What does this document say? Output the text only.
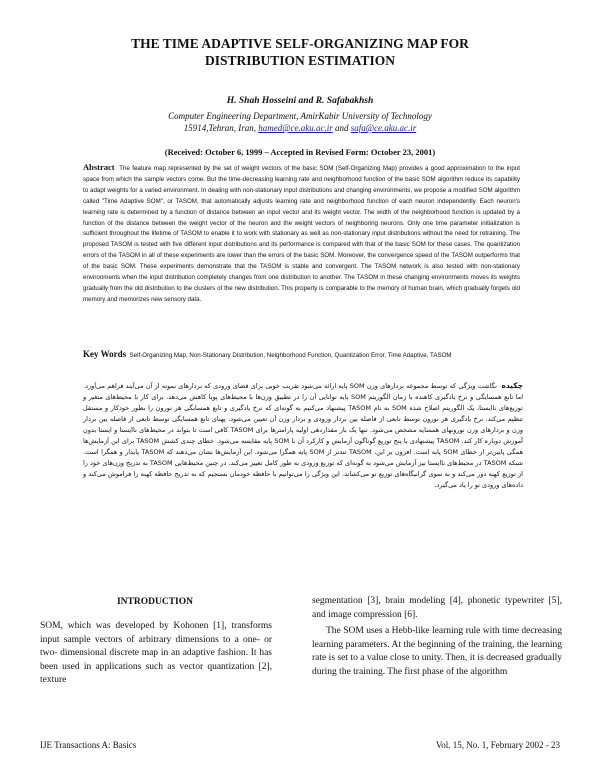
THE TIME ADAPTIVE SELF-ORGANIZING MAP FOR
DISTRIBUTION ESTIMATION
H. Shah Hosseini and R. Safabakhsh
Computer Engineering Department, AmirKabir University of Technology
15914,Tehran, Iran, hamed@ce.aku.ac.ir and safa@ce.aku.ac.ir
(Received: October 6, 1999 – Accepted in Revised Form: October 23, 2001)
Abstract The feature map represented by the set of weight vectors of the basic SOM (Self-Organizing Map) provides a good approximation to the input space from which the sample vectors come. But the time-decreasing learning rate and neighborhood function of the basic SOM algorithm reduce its capability to adapt weights for a varied environment. In dealing with non-stationary input distributions and changing environments, we propose a modified SOM algorithm called "Time Adaptive SOM", or TASOM, that automatically adjusts learning rate and neighborhood function of each neuron independently. Each neuron's learning rate is determined by a function of distance between an input vector and its weight vector. The width of the neighborhood function is updated by a function of the distance between the weight vector of the neuron and the weight vectors of neighboring neurons. Only one time parameter initialization is sufficient throughout the lifetime of TASOM to enable it to work with stationary as well as non-stationary input distributions without the need for retraining. The proposed TASOM is tested with five different input distributions and its performance is compared with that of the basic SOM for these cases. The quantization errors of the TASOM in all of these experiments are lower than the errors of the basic SOM. Moreover, the convergence speed of the TASOM outperforms that of the basic SOM. These experiments demonstrate that the TASOM is stable and convergent. The TASOM network is also tested with non-stationary environments when the input distribution completely changes from one distribution to another. The TASOM in these changing environments moves its weights gradually from the old distribution to the clusters of the new distribution. This property is comparable to the memory of human brain, which gradually forgets old memory and memorizes new sensory data.
Key Words Self-Organizing Map, Non-Stationary Distribution, Neighborhood Function, Quantization Error, Time Adaptive, TASOM
چکیده  نگاشت ویژگی که توسط مجموعه بردارهای وزن SOM پایه ارائه می‌شود تقریب خوبی برای فضای ورودی که بردارهای نمونه از آن می‌آیند فراهم می‌آورد. اما تابع همسایگی و نرخ یادگیری کاهنده با زمان الگوریتم SOM پایه توانایی آن را در تطبیق وزن‌ها با محیط‌های پویا کاهش می‌دهد. برای کار با محیط‌های متغیر و توزیع‌های ناایستا، یک الگوریتم اصلاح شده SOM به نام TASOM پیشنهاد می‌کنیم به گونه‌ای که نرخ یادگیری و تابع همسایگی هر نورون را بطور خودکار و مستقل تنظیم می‌کند. نرخ یادگیری هر نورون توسط تابعی از فاصله بین بردار ورودی و بردار وزن آن تعیین می‌شود. پهنای تابع همسایگی توسط تابعی از فاصله بین بردار وزن و بردارهای وزن نورونهای همسایه مشخص می‌شود. تنها یک بار مقداردهی اولیه پارامترها برای TASOM کافی است تا بتواند در محیط‌های ناایستا و ایستا بدون آموزش دوباره کار کند. TASOM پیشنهادی با پنج توزیع گوناگون آزمایش و کارکرد آن با SOM پایه مقایسه می‌شود. خطای چندی کشش TASOM برای این آزمایش‌ها همگی پایین‌تر از خطای SOM پایه است. افزون بر این، TASOM تندتر از SOM پایه همگرا می‌شود. این آزمایش‌ها نشان می‌دهند که TASOM پایدار و همگرا است. شبکه TASOM در محیط‌های ناایستا نیز آزمایش می‌شود به گونه‌ای که توزیع ورودی به طور کامل تغییر می‌کند. در چنین محیط‌هایی TASOM به تدریج وزن‌های خود را از توزیع کهنه دور می‌کند و به سوی گرانیگاه‌های توزیع نو می‌کشاند. این ویژگی را می‌توانیم با حافظه خودمان بسنجیم که به تدریج حافظه کهنه را فراموش می‌کند و داده‌های ورودی نو را یاد می‌گیرد.
INTRODUCTION
SOM, which was developed by Kohonen [1], transforms input sample vectors of arbitrary dimensions to a one- or two- dimensional discrete map in an adaptive fashion. It has been used in applications such as vector quantization [2], texture

segmentation [3], brain modeling [4], phonetic typewriter [5], and image compression [6].

The SOM uses a Hebb-like learning rule with time decreasing learning parameters. At the beginning of the training, the learning rate is set to a value close to unity. Then, it is decreased gradually during the training. The first phase of the algorithm

IJE Transactions A: Basics	Vol. 15, No. 1, February 2002 - 23
